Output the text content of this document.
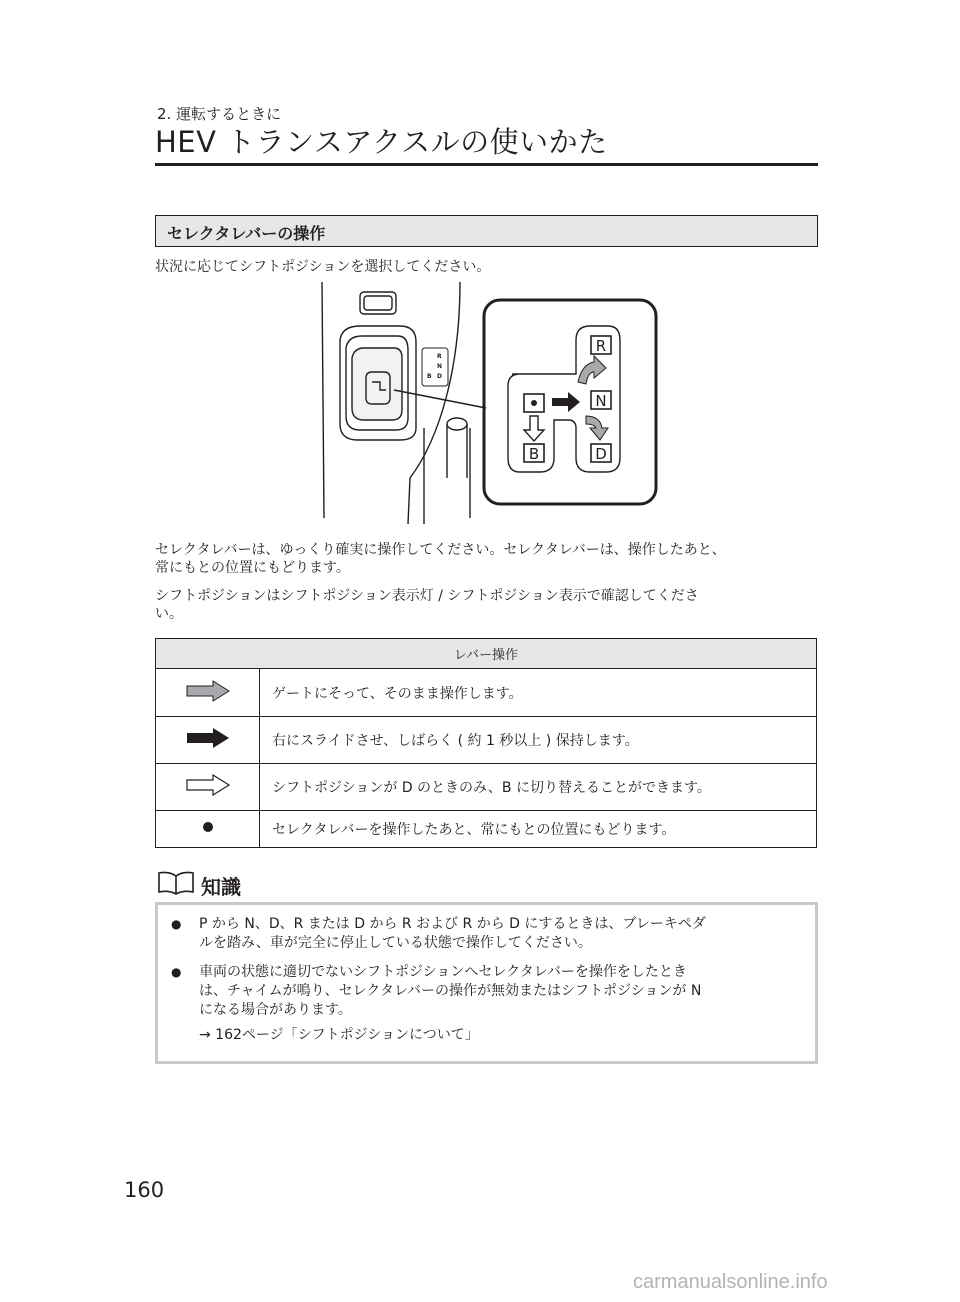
2. 運転するときに
HEV トランスアクスルの使いかた
セレクタレバーの操作
状況に応じてシフトポジションを選択してください。
R
N
B D
R
N
B	D
セレクタレバーは、ゆっくり確実に操作してください。セレクタレバーは、操作したあと、
常にもとの位置にもどります。
シフトポジションはシフトポジション表示灯 / シフトポジション表示で確認してくださ
い。
レバー操作	
	ゲートにそって、そのまま操作します。
	右にスライドさせ、しばらく ( 約 1 秒以上 ) 保持します。
	シフトポジションが D のときのみ、B に切り替えることができます。
	セレクタレバーを操作したあと、常にもとの位置にもどります。
知識
● P から N、D、R または D から R および R から D にするときは、ブレーキペダ
ルを踏み、車が完全に停止している状態で操作してください。
● 車両の状態に適切でないシフトポジションへセレクタレバーを操作をしたとき
は、チャイムが鳴り、セレクタレバーの操作が無効またはシフトポジションが N
になる場合があります。
→ 162ページ「シフトポジションについて」
160
carmanualsonline.info
